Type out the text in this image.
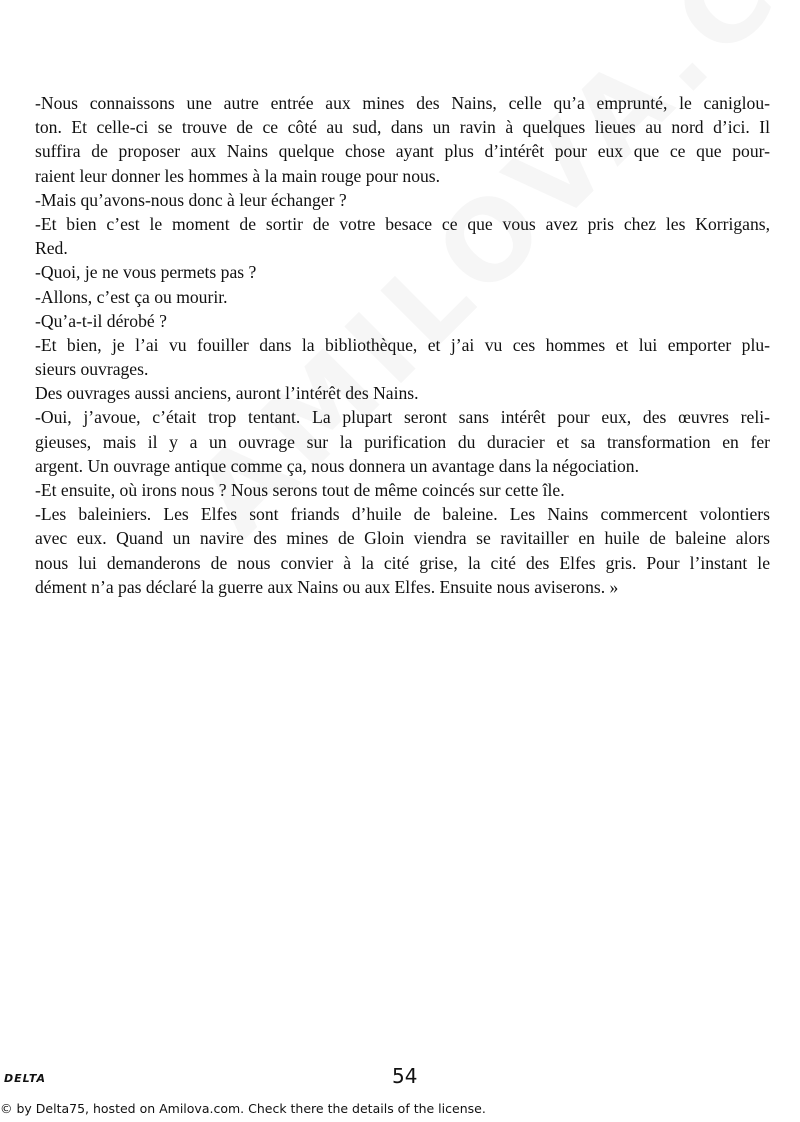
-Nous connaissons une autre entrée aux mines des Nains, celle qu’a emprunté, le caniglou-
ton. Et celle-ci se trouve de ce côté au sud, dans un ravin à quelques lieues au nord d’ici. Il
suffira de proposer aux Nains quelque chose ayant plus d’intérêt pour eux que ce que pour-
raient leur donner les hommes à la main rouge pour nous.
-Mais qu’avons-nous donc à leur échanger ?
-Et bien c’est le moment de sortir de votre besace ce que vous avez pris chez les Korrigans,
Red.
-Quoi, je ne vous permets pas ?
-Allons, c’est ça ou mourir.
-Qu’a-t-il dérobé ?
-Et bien, je l’ai vu fouiller dans la bibliothèque, et j’ai vu ces hommes et lui emporter plu-
sieurs ouvrages.
Des ouvrages aussi anciens, auront l’intérêt des Nains.
-Oui, j’avoue, c’était trop tentant. La plupart seront sans intérêt pour eux, des œuvres reli-
gieuses, mais il y a un ouvrage sur la purification du duracier et sa transformation en fer
argent. Un ouvrage antique comme ça, nous donnera un avantage dans la négociation.
-Et ensuite, où irons nous ? Nous serons tout de même coincés sur cette île.
-Les baleiniers. Les Elfes sont friands d’huile de baleine. Les Nains commercent volontiers
avec eux. Quand un navire des mines de Gloin viendra se ravitailler en huile de baleine alors
nous lui demanderons de nous convier à la cité grise, la cité des Elfes gris. Pour l’instant le
dément n’a pas déclaré la guerre aux Nains ou aux Elfes. Ensuite nous aviserons. »
DELTA	54
© by Delta75, hosted on Amilova.com. Check there the details of the license.
